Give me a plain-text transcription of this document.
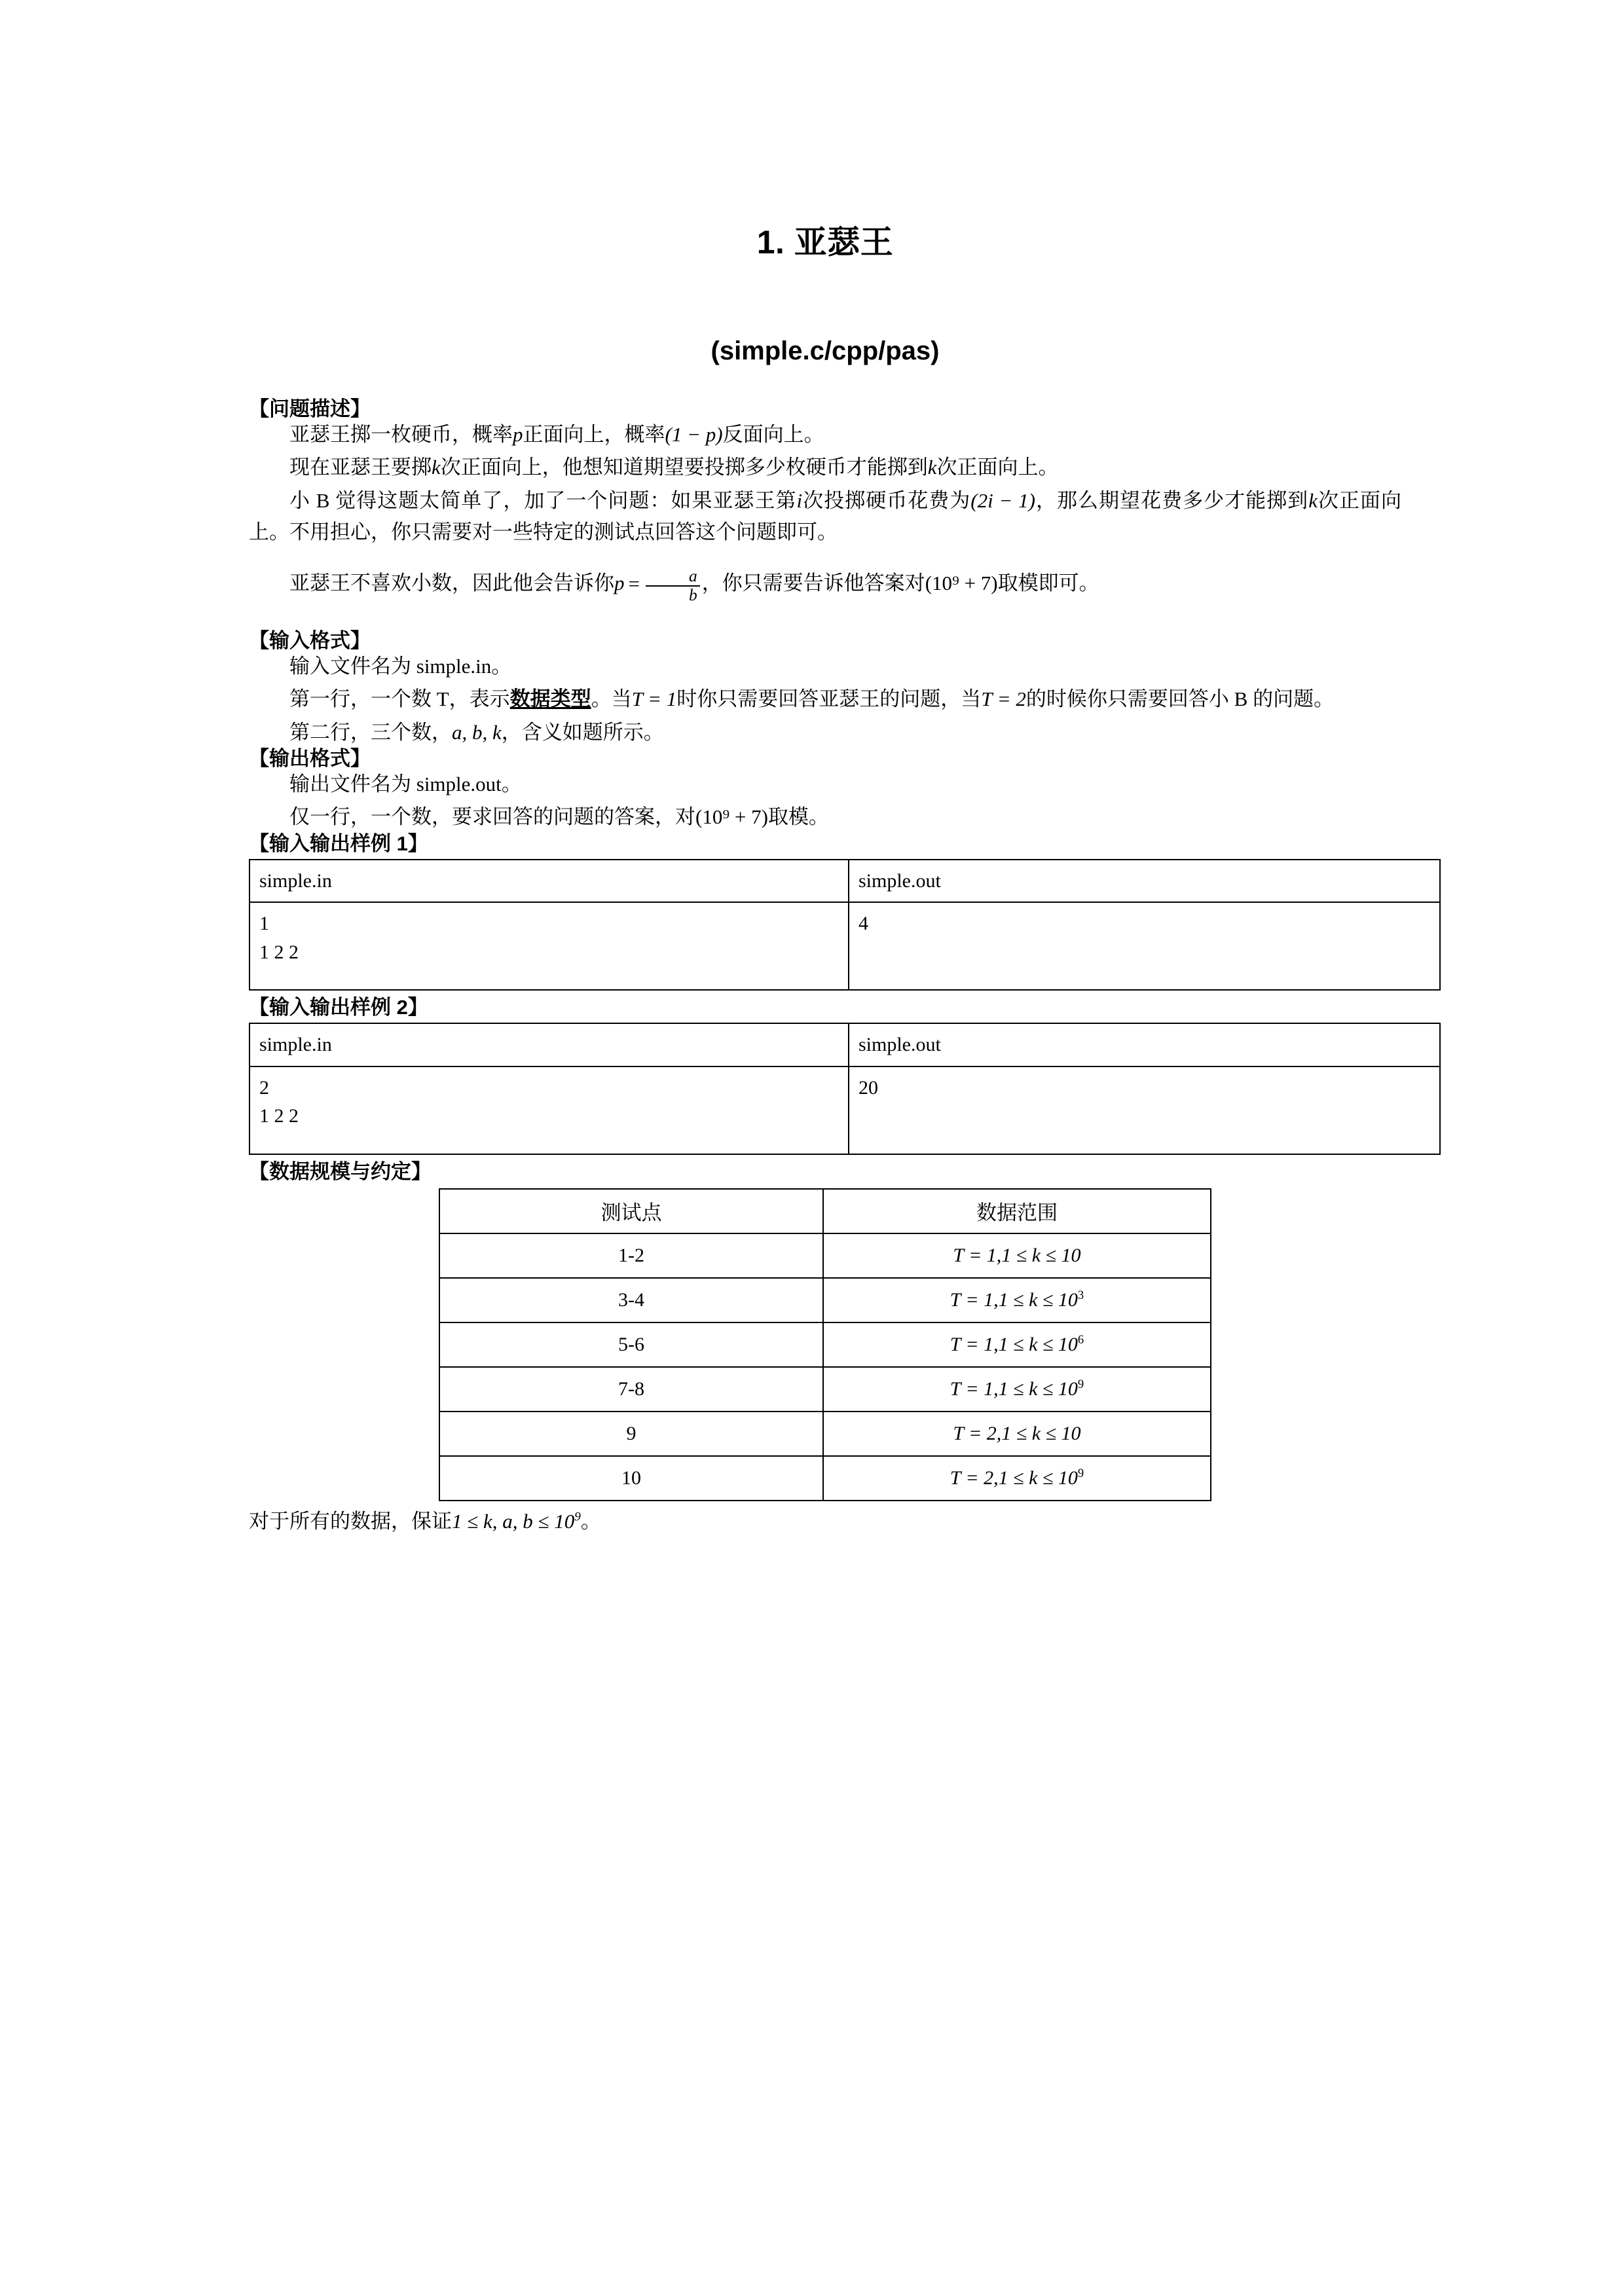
1. 亚瑟王
(simple.c/cpp/pas)
【问题描述】

亚瑟王掷一枚硬币，概率p正面向上，概率(1 − p)反面向上。

现在亚瑟王要掷k次正面向上，他想知道期望要投掷多少枚硬币才能掷到k次正面向上。

小 B 觉得这题太简单了，加了一个问题：如果亚瑟王第i次投掷硬币花费为(2i − 1)，那么期望花费多少才能掷到k次正面向上。不用担心，你只需要对一些特定的测试点回答这个问题即可。

亚瑟王不喜欢小数，因此他会告诉你$p = \frac{a}{b}$ ，你只需要告诉他答案对(10⁹ + 7)取模即可。

【输入格式】

输入文件名为 simple.in。

第一行，一个数 T，表示数据类型。当T = 1时你只需要回答亚瑟王的问题，当T = 2的时候你只需要回答小 B 的问题。

第二行，三个数，a, b, k，含义如题所示。

【输出格式】

输出文件名为 simple.out。

仅一行，一个数，要求回答的问题的答案，对(10⁹ + 7)取模。

【输入输出样例 1】
simple.in	simple.out

1
1 2 2	4
【输入输出样例 2】
simple.in	simple.out

2
1 2 2	20
【数据规模与约定】
测试点	数据范围
1-2	T = 1,1 ≤ k ≤ 10
3-4	$T = 1,1 \le k \le 10^3$
5-6	$T = 1,1 \le k \le 10^6$
7-8	$T = 1,1 \le k \le 10^9$
9	T = 2,1 ≤ k ≤ 10
10	$T = 2,1 \le k \le 10^9$

对于所有的数据，保证1 ≤ k, a, $b \le 10^9$。
